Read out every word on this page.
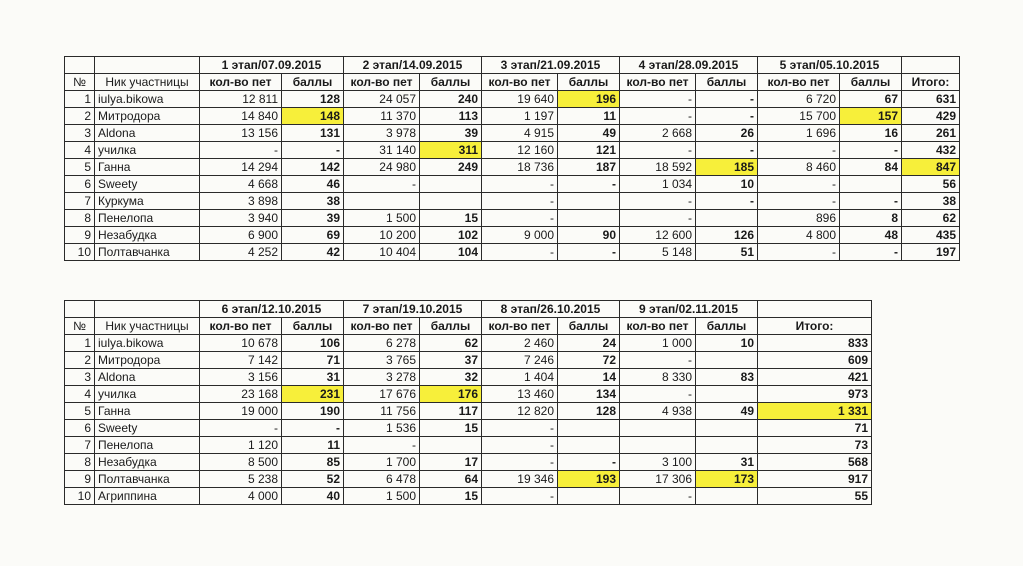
		1 этап/07.09.2015		2 этап/14.09.2015		3 этап/21.09.2015		4 этап/28.09.2015		5 этап/05.10.2015		
№	Ник участницы	кол-во пет	баллы	кол-во пет	баллы	кол-во пет	баллы	кол-во пет	баллы	кол-во пет	баллы	Итого:
1	iulya.bikowa	12 811	128	24 057	240	19 640	196	-	-	6 720	67	631
2	Митродора	14 840	148	11 370	113	1 197	11	-	-	15 700	157	429
3	Aldona	13 156	131	3 978	39	4 915	49	2 668	26	1 696	16	261
4	училка	-	-	31 140	311	12 160	121	-	-	-	-	432
5	Ганна	14 294	142	24 980	249	18 736	187	18 592	185	8 460	84	847
6	Sweety	4 668	46	-		-	-	1 034	10	-		56
7	Куркума	3 898	38			-		-	-	-	-	38
8	Пенелопа	3 940	39	1 500	15	-		-		896	8	62
9	Незабудка	6 900	69	10 200	102	9 000	90	12 600	126	4 800	48	435
10	Полтавчанка	4 252	42	10 404	104	-	-	5 148	51	-	-	197
		6 этап/12.10.2015		7 этап/19.10.2015		8 этап/26.10.2015		9 этап/02.11.2015		
№	Ник участницы	кол-во пет	баллы	кол-во пет	баллы	кол-во пет	баллы	кол-во пет	баллы	Итого:
1	iulya.bikowa	10 678	106	6 278	62	2 460	24	1 000	10	833
2	Митродора	7 142	71	3 765	37	7 246	72	-		609
3	Aldona	3 156	31	3 278	32	1 404	14	8 330	83	421
4	училка	23 168	231	17 676	176	13 460	134	-		973
5	Ганна	19 000	190	11 756	117	12 820	128	4 938	49	1 331
6	Sweety	-	-	1 536	15	-				71
7	Пенелопа	1 120	11	-		-				73
8	Незабудка	8 500	85	1 700	17	-	-	3 100	31	568
9	Полтавчанка	5 238	52	6 478	64	19 346	193	17 306	173	917
10	Агриппина	4 000	40	1 500	15	-		-		55
